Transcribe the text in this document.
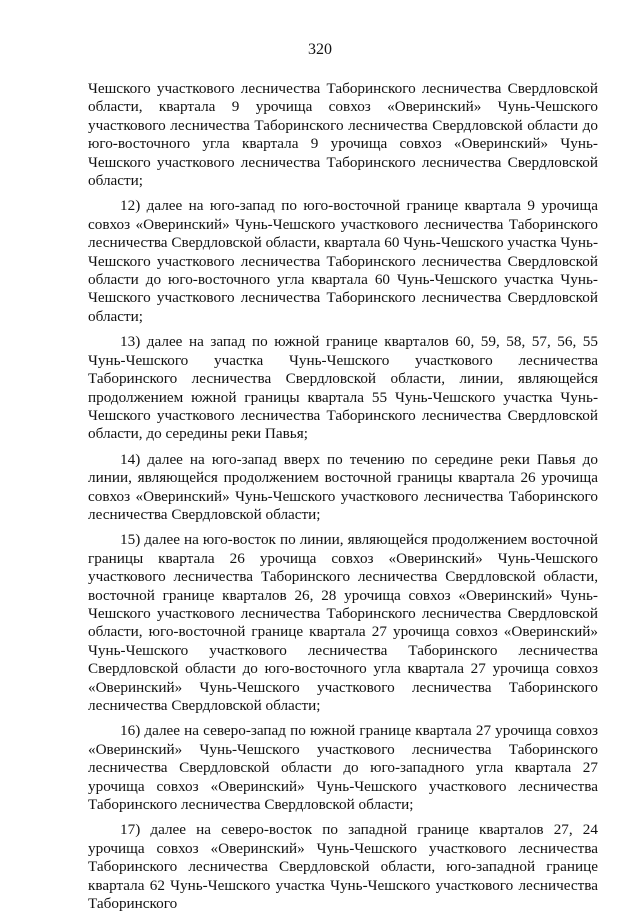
320

Чешского участкового лесничества Таборинского лесничества Свердловской области, квартала 9 урочища совхоз «Оверинский» Чунь-Чешского участкового лесничества Таборинского лесничества Свердловской области до юго-восточного угла квартала 9 урочища совхоз «Оверинский» Чунь-Чешского участкового лесничества Таборинского лесничества Свердловской области;

12) далее на юго-запад по юго-восточной границе квартала 9 урочища совхоз «Оверинский» Чунь-Чешского участкового лесничества Таборинского лесничества Свердловской области, квартала 60 Чунь-Чешского участка Чунь-Чешского участкового лесничества Таборинского лесничества Свердловской области до юго-восточного угла квартала 60 Чунь-Чешского участка Чунь-Чешского участкового лесничества Таборинского лесничества Свердловской области;

13) далее на запад по южной границе кварталов 60, 59, 58, 57, 56, 55 Чунь-Чешского участка Чунь-Чешского участкового лесничества Таборинского лесничества Свердловской области, линии, являющейся продолжением южной границы квартала 55 Чунь-Чешского участка Чунь-Чешского участкового лесничества Таборинского лесничества Свердловской области, до середины реки Павья;

14) далее на юго-запад вверх по течению по середине реки Павья до линии, являющейся продолжением восточной границы квартала 26 урочища совхоз «Оверинский» Чунь-Чешского участкового лесничества Таборинского лесничества Свердловской области;

15) далее на юго-восток по линии, являющейся продолжением восточной границы квартала 26 урочища совхоз «Оверинский» Чунь-Чешского участкового лесничества Таборинского лесничества Свердловской области, восточной границе кварталов 26, 28 урочища совхоз «Оверинский» Чунь-Чешского участкового лесничества Таборинского лесничества Свердловской области, юго-восточной границе квартала 27 урочища совхоз «Оверинский» Чунь-Чешского участкового лесничества Таборинского лесничества Свердловской области до юго-восточного угла квартала 27 урочища совхоз «Оверинский» Чунь-Чешского участкового лесничества Таборинского лесничества Свердловской области;

16) далее на северо-запад по южной границе квартала 27 урочища совхоз «Оверинский» Чунь-Чешского участкового лесничества Таборинского лесничества Свердловской области до юго-западного угла квартала 27 урочища совхоз «Оверинский» Чунь-Чешского участкового лесничества Таборинского лесничества Свердловской области;

17) далее на северо-восток по западной границе кварталов 27, 24 урочища совхоз «Оверинский» Чунь-Чешского участкового лесничества Таборинского лесничества Свердловской области, юго-западной границе квартала 62 Чунь-Чешского участка Чунь-Чешского участкового лесничества Таборинского
